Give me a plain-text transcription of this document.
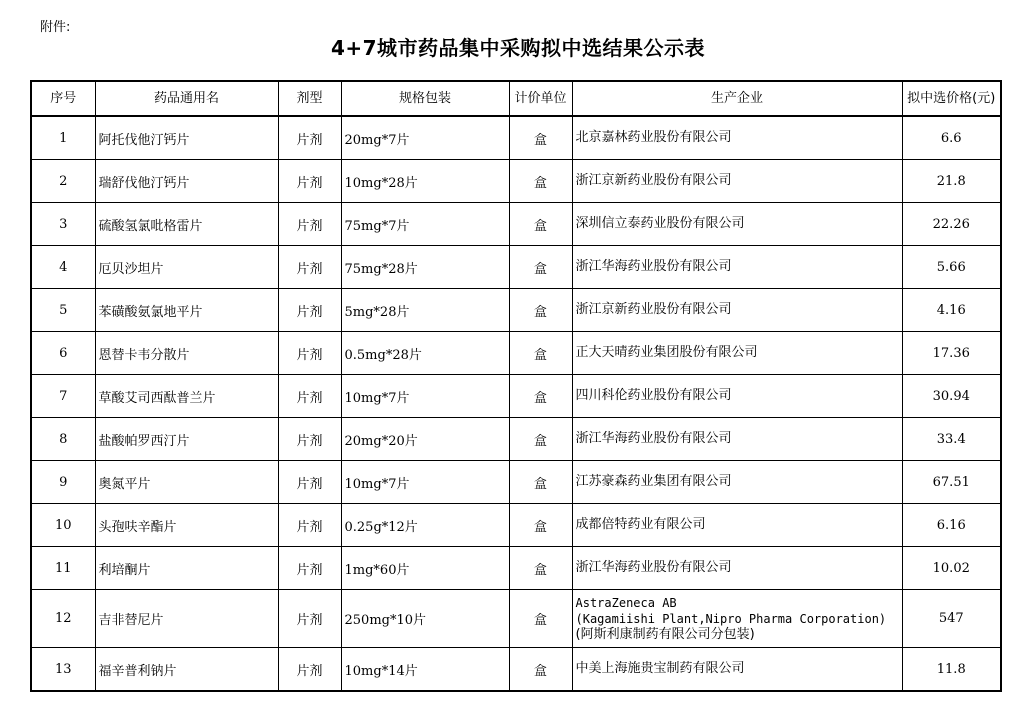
附件:
4+7城市药品集中采购拟中选结果公示表
序号	药品通用名	剂型	规格包装	计价单位	生产企业	拟中选价格(元)
1	阿托伐他汀钙片	片剂	20mg*7片	盒	北京嘉林药业股份有限公司	6.6
2	瑞舒伐他汀钙片	片剂	10mg*28片	盒	浙江京新药业股份有限公司	21.8
3	硫酸氢氯吡格雷片	片剂	75mg*7片	盒	深圳信立泰药业股份有限公司	22.26
4	厄贝沙坦片	片剂	75mg*28片	盒	浙江华海药业股份有限公司	5.66
5	苯磺酸氨氯地平片	片剂	5mg*28片	盒	浙江京新药业股份有限公司	4.16
6	恩替卡韦分散片	片剂	0.5mg*28片	盒	正大天晴药业集团股份有限公司	17.36
7	草酸艾司西酞普兰片	片剂	10mg*7片	盒	四川科伦药业股份有限公司	30.94
8	盐酸帕罗西汀片	片剂	20mg*20片	盒	浙江华海药业股份有限公司	33.4
9	奥氮平片	片剂	10mg*7片	盒	江苏豪森药业集团有限公司	67.51
10	头孢呋辛酯片	片剂	0.25g*12片	盒	成都倍特药业有限公司	6.16
11	利培酮片	片剂	1mg*60片	盒	浙江华海药业股份有限公司	10.02
12	吉非替尼片	片剂	250mg*10片	盒	AstraZeneca AB
(Kagamiishi Plant,Nipro Pharma Corporation)
(阿斯利康制药有限公司分包装)	547
13	福辛普利钠片	片剂	10mg*14片	盒	中美上海施贵宝制药有限公司	11.8
